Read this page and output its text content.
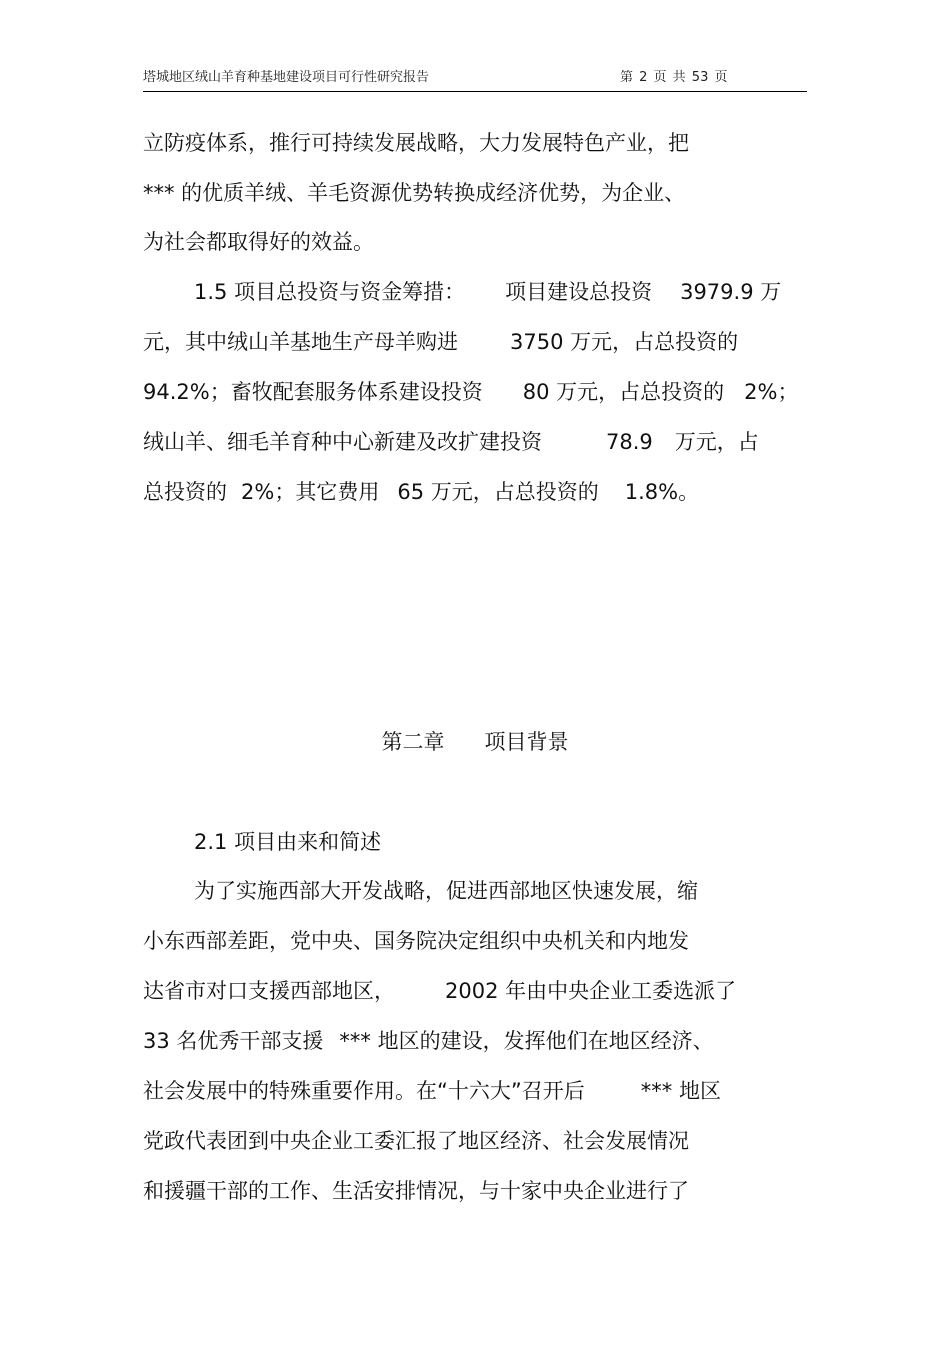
塔城地区绒山羊育种基地建设项目可行性研究报告	第 2 页 共 53 页
立防疫体系，推行可持续发展战略，大力发展特色产业，把
*** 的优质羊绒、羊毛资源优势转换成经济优势，为企业、
为社会都取得好的效益。
1.5 项目总投资与资金筹措： 项目建设总投资 3979.9 万
元，其中绒山羊基地生产母羊购进 3750 万元，占总投资的
94.2%；畜牧配套服务体系建设投资 80 万元，占总投资的 2%；
绒山羊、细毛羊育种中心新建及改扩建投资	78.9 万元，占
总投资的 2%；其它费用 65 万元，占总投资的 1.8%。
第二章      项目背景
2.1 项目由来和简述
为了实施西部大开发战略，促进西部地区快速发展，缩
小东西部差距，党中央、国务院决定组织中央机关和内地发
达省市对口支援西部地区， 2002 年由中央企业工委选派了
33 名优秀干部支援 *** 地区的建设，发挥他们在地区经济、
社会发展中的特殊重要作用。在“十六大”召开后	*** 地区
党政代表团到中央企业工委汇报了地区经济、社会发展情况
和援疆干部的工作、生活安排情况，与十家中央企业进行了
